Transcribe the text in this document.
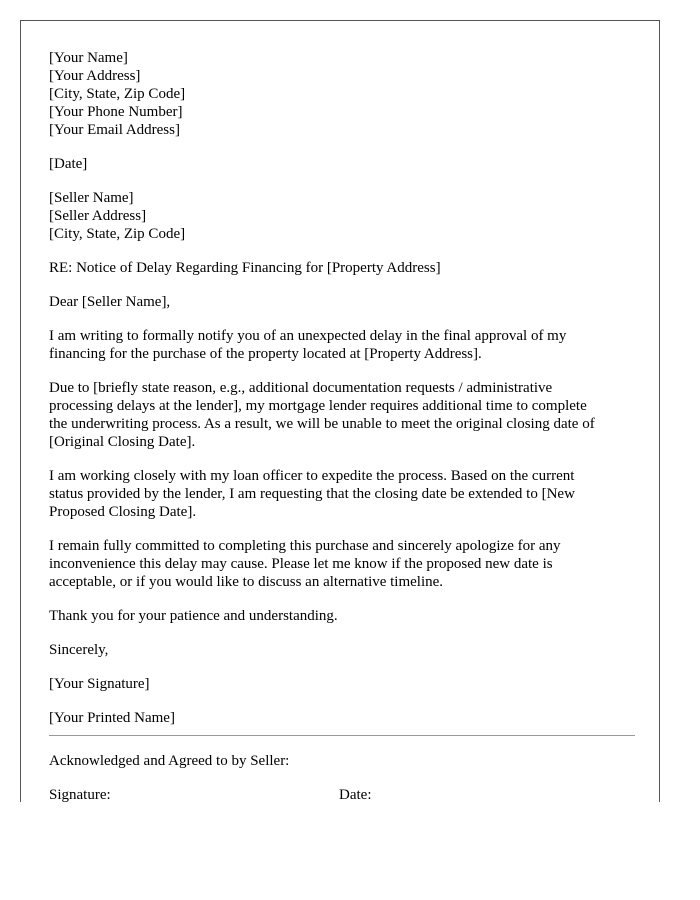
[Your Name]
[Your Address]
[City, State, Zip Code]
[Your Phone Number]
[Your Email Address]
[Date]
[Seller Name]
[Seller Address]
[City, State, Zip Code]
RE: Notice of Delay Regarding Financing for [Property Address]
Dear [Seller Name],
I am writing to formally notify you of an unexpected delay in the final approval of my
financing for the purchase of the property located at [Property Address].
Due to [briefly state reason, e.g., additional documentation requests / administrative
processing delays at the lender], my mortgage lender requires additional time to complete
the underwriting process. As a result, we will be unable to meet the original closing date of
[Original Closing Date].
I am working closely with my loan officer to expedite the process. Based on the current
status provided by the lender, I am requesting that the closing date be extended to [New
Proposed Closing Date].
I remain fully committed to completing this purchase and sincerely apologize for any
inconvenience this delay may cause. Please let me know if the proposed new date is
acceptable, or if you would like to discuss an alternative timeline.
Thank you for your patience and understanding.
Sincerely,
[Your Signature]
[Your Printed Name]
Acknowledged and Agreed to by Seller:
Signature:	Date:
